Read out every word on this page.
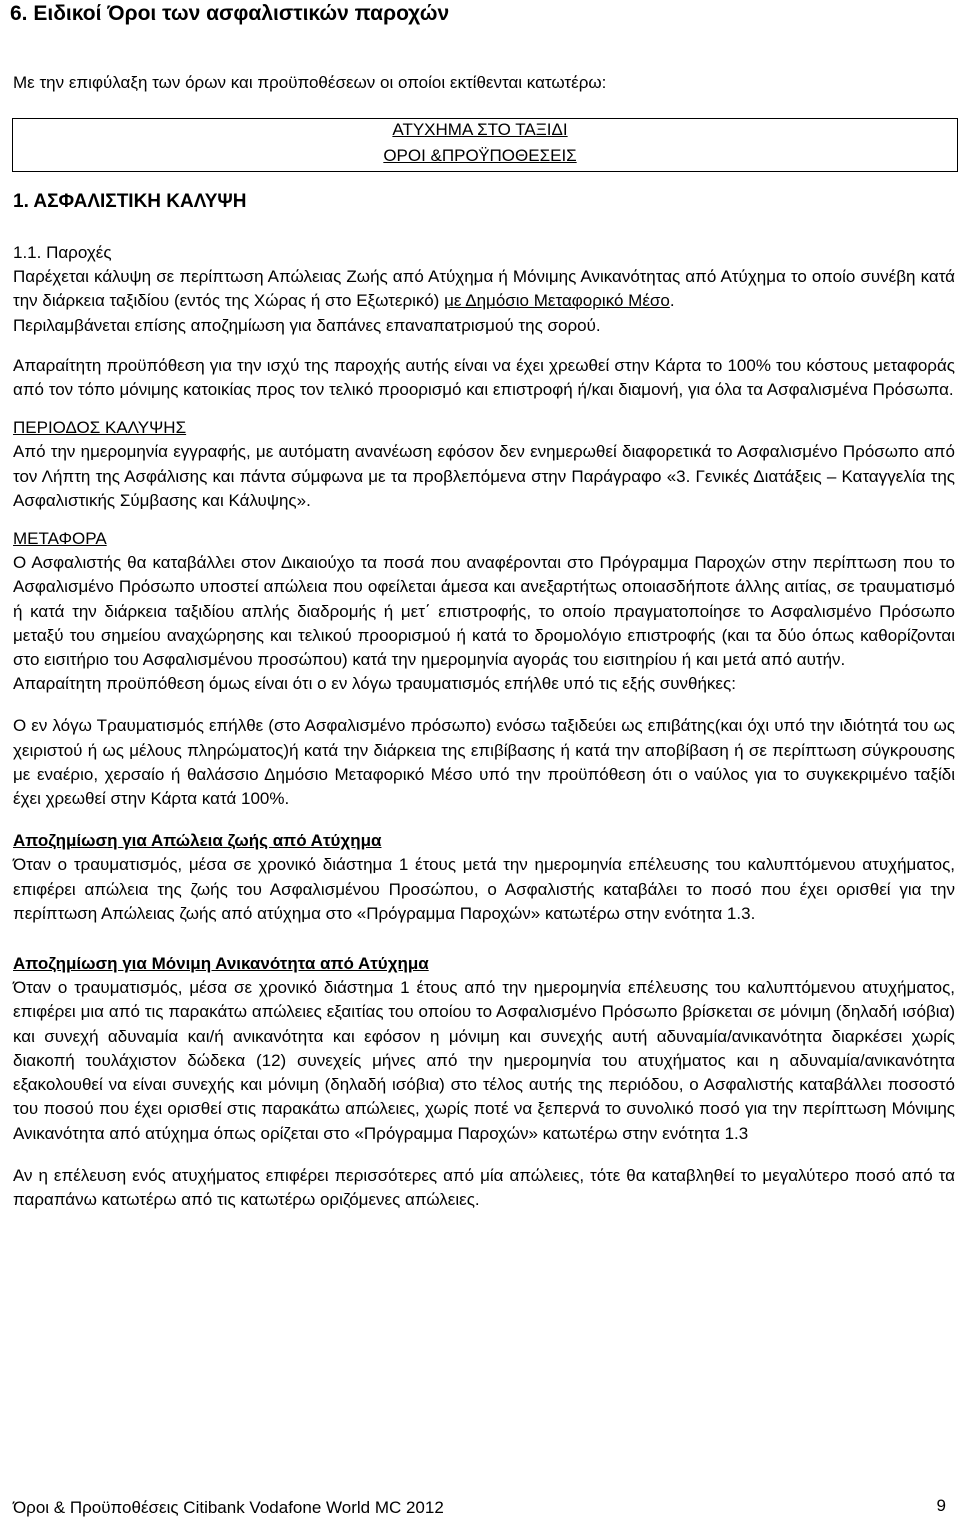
6. Ειδικοί Όροι των ασφαλιστικών παροχών

Με την επιφύλαξη των όρων και προϋποθέσεων οι οποίοι εκτίθενται κατωτέρω:

ΑΤΥΧΗΜΑ ΣΤΟ ΤΑΞΙΔΙ
ΟΡΟΙ &ΠΡΟΫΠΟΘΕΣΕΙΣ
1. ΑΣΦΑΛΙΣΤΙΚΗ ΚΑΛΥΨΗ

1.1. Παροχές

Παρέχεται κάλυψη σε περίπτωση Απώλειας Ζωής από Ατύχημα ή Μόνιμης Ανικανότητας από Ατύχημα το οποίο συνέβη κατά την διάρκεια ταξιδίου (εντός της Χώρας ή στο Εξωτερικό) με Δημόσιο Μεταφορικό Μέσο.

Περιλαμβάνεται επίσης αποζημίωση για δαπάνες επαναπατρισμού της σορού.

Απαραίτητη προϋπόθεση για την ισχύ της παροχής αυτής είναι να έχει χρεωθεί στην Κάρτα το 100% του κόστους μεταφοράς από τον τόπο μόνιμης κατοικίας προς τον τελικό προορισμό και επιστροφή ή/και διαμονή, για όλα τα Ασφαλισμένα Πρόσωπα.

ΠΕΡΙΟΔΟΣ ΚΑΛΥΨΗΣ

Από την ημερομηνία εγγραφής, με αυτόματη ανανέωση εφόσον δεν ενημερωθεί διαφορετικά το Ασφαλισμένο Πρόσωπο από τον Λήπτη της Ασφάλισης και πάντα σύμφωνα με τα προβλεπόμενα στην Παράγραφο «3. Γενικές Διατάξεις – Καταγγελία της Ασφαλιστικής Σύμβασης και Κάλυψης».

ΜΕΤΑΦΟΡΑ

Ο Ασφαλιστής θα καταβάλλει στον Δικαιούχο τα ποσά που αναφέρονται στο Πρόγραμμα Παροχών στην περίπτωση που το Ασφαλισμένο Πρόσωπο υποστεί απώλεια που οφείλεται άμεσα και ανεξαρτήτως οποιασδήποτε άλλης αιτίας, σε τραυματισμό ή κατά την διάρκεια ταξιδίου απλής διαδρομής ή μετ΄ επιστροφής, το οποίο πραγματοποίησε το Ασφαλισμένο Πρόσωπο μεταξύ του σημείου αναχώρησης και τελικού προορισμού ή κατά το δρομολόγιο επιστροφής (και τα δύο όπως καθορίζονται στο εισιτήριο του Ασφαλισμένου προσώπου) κατά την ημερομηνία αγοράς του εισιτηρίου ή και μετά από αυτήν.

Απαραίτητη προϋπόθεση όμως είναι ότι ο εν λόγω τραυματισμός επήλθε υπό τις εξής συνθήκες:

Ο εν λόγω Τραυματισμός επήλθε (στο Ασφαλισμένο πρόσωπο) ενόσω ταξιδεύει ως επιβάτης(και όχι υπό την ιδιότητά του ως χειριστού ή ως μέλους πληρώματος)ή κατά την διάρκεια της επιβίβασης ή κατά την αποβίβαση ή σε περίπτωση σύγκρουσης με εναέριο, χερσαίο ή θαλάσσιο Δημόσιο Μεταφορικό Μέσο υπό την προϋπόθεση ότι ο ναύλος για το συγκεκριμένο ταξίδι έχει χρεωθεί στην Κάρτα κατά 100%.

Αποζημίωση για Απώλεια ζωής από Ατύχημα

Όταν ο τραυματισμός, μέσα σε χρονικό διάστημα 1 έτους μετά την ημερομηνία επέλευσης του καλυπτόμενου ατυχήματος, επιφέρει απώλεια της ζωής του Ασφαλισμένου Προσώπου, ο Ασφαλιστής καταβάλει το ποσό που έχει ορισθεί για την περίπτωση Απώλειας ζωής από ατύχημα στο «Πρόγραμμα Παροχών» κατωτέρω στην ενότητα 1.3.

Αποζημίωση για Μόνιμη Ανικανότητα από Ατύχημα

Όταν ο τραυματισμός, μέσα σε χρονικό διάστημα 1 έτους από την ημερομηνία επέλευσης του καλυπτόμενου ατυχήματος, επιφέρει μια από τις παρακάτω απώλειες εξαιτίας του οποίου το Ασφαλισμένο Πρόσωπο βρίσκεται σε μόνιμη (δηλαδή ισόβια) και συνεχή αδυναμία και/ή ανικανότητα και εφόσον η μόνιμη και συνεχής αυτή αδυναμία/ανικανότητα διαρκέσει χωρίς διακοπή τουλάχιστον δώδεκα (12) συνεχείς μήνες από την ημερομηνία του ατυχήματος και η αδυναμία/ανικανότητα εξακολουθεί να είναι συνεχής και μόνιμη (δηλαδή ισόβια) στο τέλος αυτής της περιόδου, ο Ασφαλιστής καταβάλλει ποσοστό του ποσού που έχει ορισθεί στις παρακάτω απώλειες, χωρίς ποτέ να ξεπερνά το συνολικό ποσό για την περίπτωση Μόνιμης Ανικανότητα από ατύχημα όπως ορίζεται στο «Πρόγραμμα Παροχών» κατωτέρω στην ενότητα 1.3

Αν η επέλευση ενός ατυχήματος επιφέρει περισσότερες από μία απώλειες, τότε θα καταβληθεί το μεγαλύτερο ποσό από τα παραπάνω κατωτέρω από τις κατωτέρω οριζόμενες απώλειες.

Όροι & Προϋποθέσεις Citibank Vodafone World MC 2012	9
